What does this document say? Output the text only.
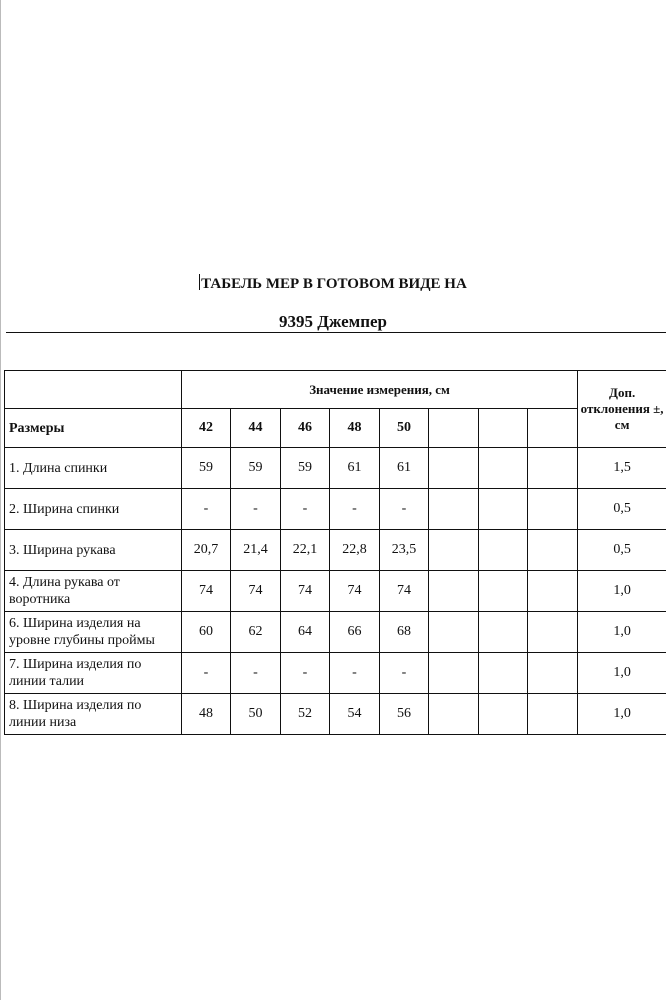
ТАБЕЛЬ МЕР В ГОТОВОМ ВИДЕ НА
9395 Джемпер
	Значение измерения, см								Доп. отклонения ±, см
Размеры	42	44	46	48	50				
1. Длина спинки	59	59	59	61	61				1,5
2. Ширина спинки	-	-	-	-	-				0,5
3. Ширина рукава	20,7	21,4	22,1	22,8	23,5				0,5
4. Длина рукава от воротника	74	74	74	74	74				1,0
6. Ширина изделия на уровне глубины проймы	60	62	64	66	68				1,0
7. Ширина изделия по линии талии	-	-	-	-	-				1,0
8. Ширина изделия по линии низа	48	50	52	54	56				1,0
